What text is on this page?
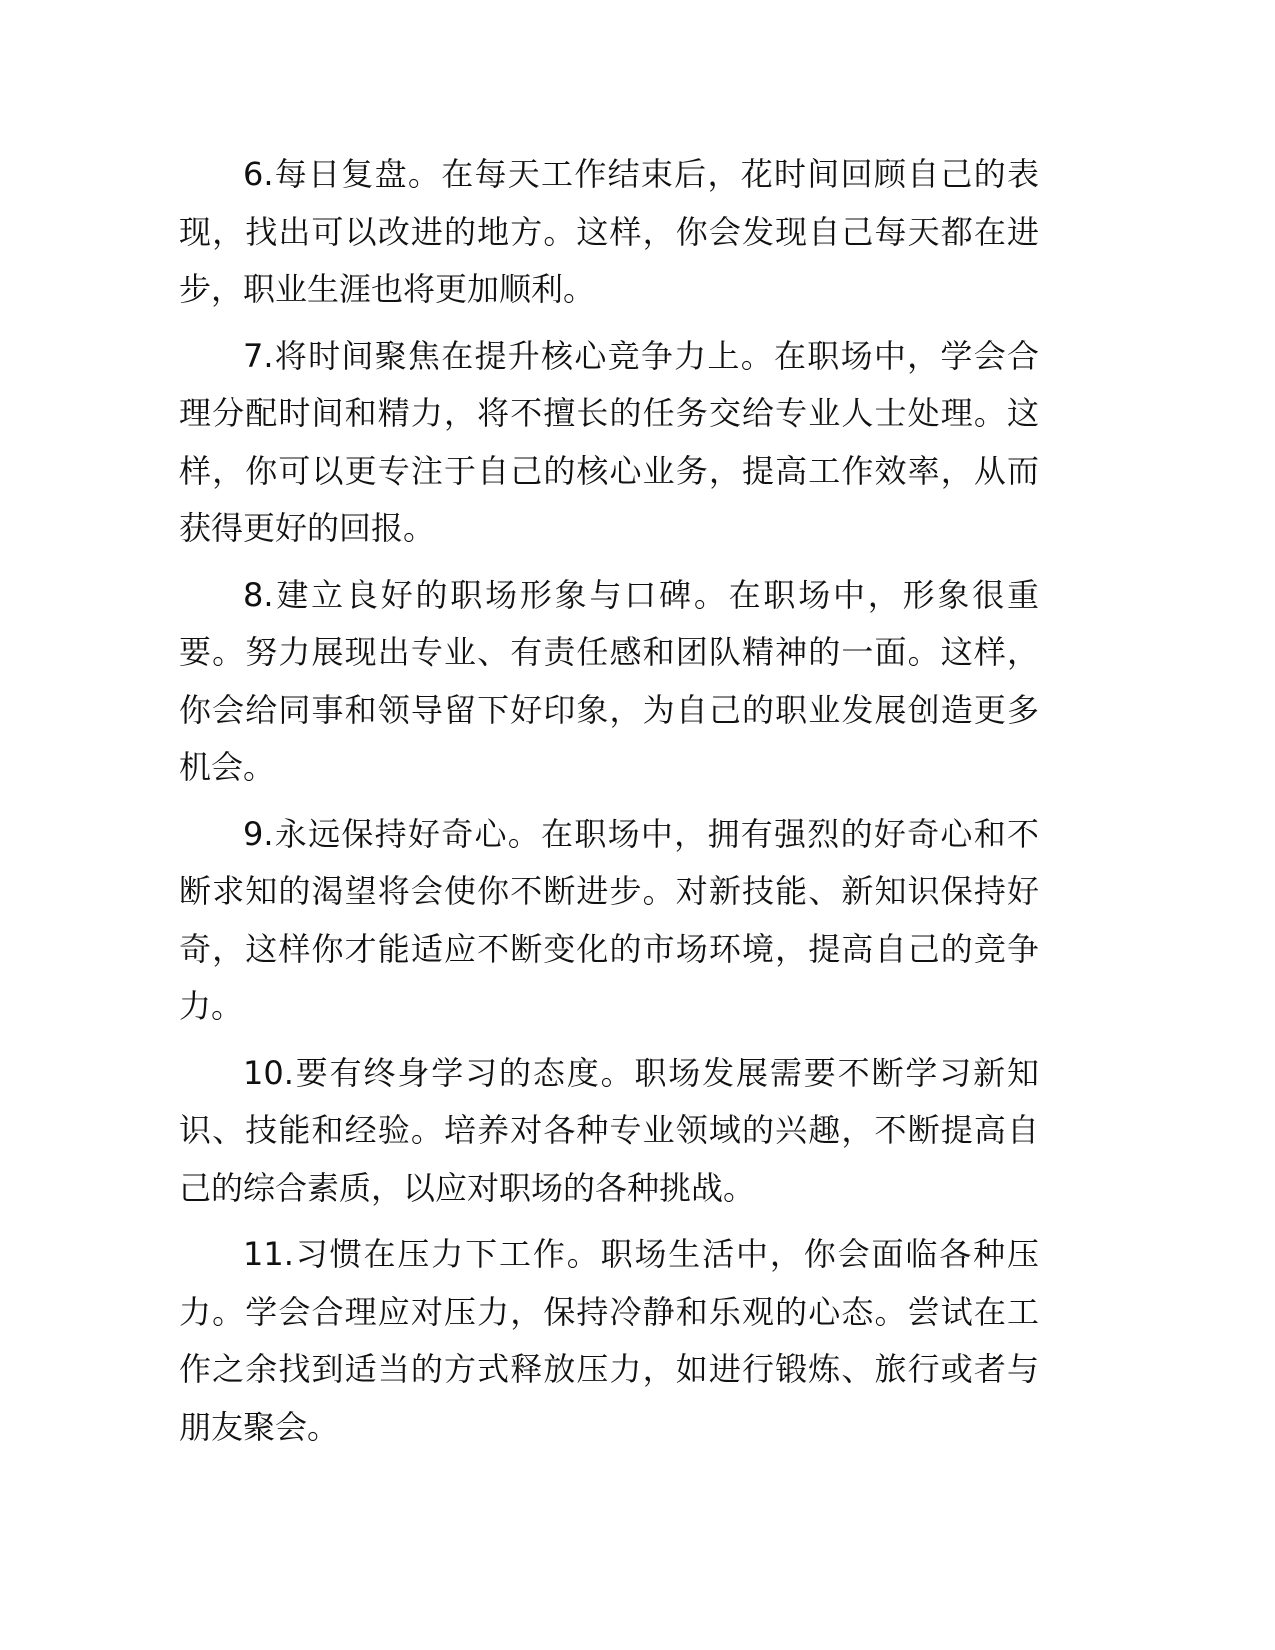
6.每日复盘。在每天工作结束后，花时间回顾自己的表现，找出可以改进的地方。这样，你会发现自己每天都在进步，职业生涯也将更加顺利。

7.将时间聚焦在提升核心竞争力上。在职场中，学会合理分配时间和精力，将不擅长的任务交给专业人士处理。这样，你可以更专注于自己的核心业务，提高工作效率，从而获得更好的回报。

8.建立良好的职场形象与口碑。在职场中，形象很重要。努力展现出专业、有责任感和团队精神的一面。这样，你会给同事和领导留下好印象，为自己的职业发展创造更多机会。

9.永远保持好奇心。在职场中，拥有强烈的好奇心和不断求知的渴望将会使你不断进步。对新技能、新知识保持好奇，这样你才能适应不断变化的市场环境，提高自己的竞争力。

10.要有终身学习的态度。职场发展需要不断学习新知识、技能和经验。培养对各种专业领域的兴趣，不断提高自己的综合素质，以应对职场的各种挑战。

11.习惯在压力下工作。职场生活中，你会面临各种压力。学会合理应对压力，保持冷静和乐观的心态。尝试在工作之余找到适当的方式释放压力，如进行锻炼、旅行或者与朋友聚会。
